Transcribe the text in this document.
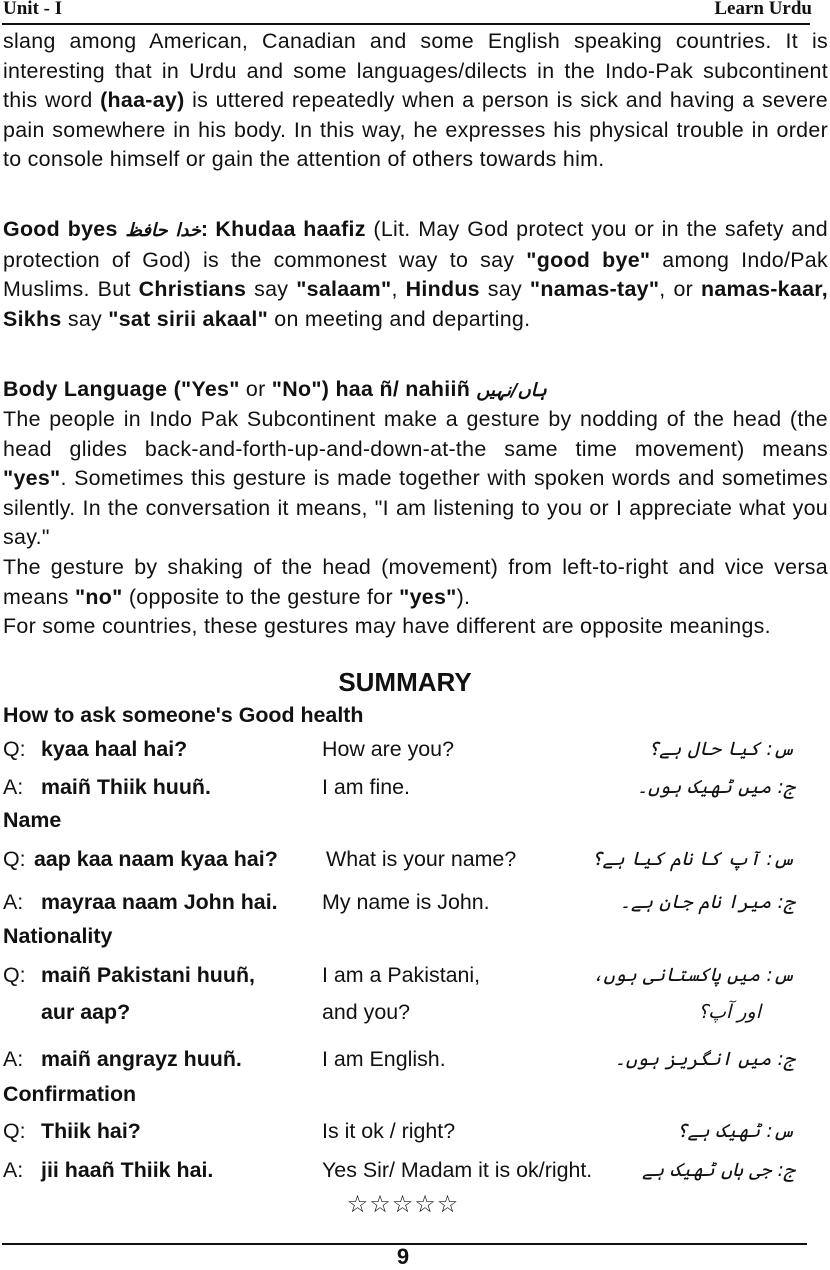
Unit - I	Learn Urdu

slang among American, Canadian and some English speaking countries. It is interesting that in Urdu and some languages/dilects in the Indo-Pak subcontinent this word (haa-ay) is uttered repeatedly when a person is sick and having a severe pain somewhere in his body. In this way, he expresses his physical trouble in order to console himself or gain the attention of others towards him.

Good byes خدا حافظ: Khudaa haafiz (Lit. May God protect you or in the safety and protection of God) is the commonest way to say "good bye" among Indo/Pak Muslims. But Christians say "salaam", Hindus say "namas-tay", or namas-kaar, Sikhs say "sat sirii akaal" on meeting and departing.

Body Language ("Yes" or "No") haa ñ/ nahiiñ ہاں/نہیں

The people in Indo Pak Subcontinent make a gesture by nodding of the head (the head glides back-and-forth-up-and-down-at-the same time movement) means "yes". Sometimes this gesture is made together with spoken words and sometimes silently. In the conversation it means, "I am listening to you or I appreciate what you say."

The gesture by shaking of the head (movement) from left-to-right and vice versa means "no" (opposite to the gesture for "yes").

For some countries, these gestures may have different are opposite meanings.

SUMMARY
How to ask someone's Good health
Q: kyaa haal hai?	How are you?	س: کیا حال ہے؟
A: maiñ Thiik huuñ.	I am fine.	ج: میں ٹھیک ہوں۔
Name
Q: aap kaa naam kyaa hai? What is your name?	س: آپ کا نام کیا ہے؟
A: mayraa naam John hai. My name is John.	ج: میرا نام جان ہے۔
Nationality
Q: maiñ Pakistani huuñ,	I am a Pakistani,	س: میں پاکستانی ہوں،
aur aap?	and you?	اور آپ؟
A: maiñ angrayz huuñ.	I am English.	ج: میں انگریز ہوں۔
Confirmation
Q: Thiik hai?	Is it ok / right?	س: ٹھیک ہے؟
A: jii haañ Thiik hai.	Yes Sir/ Madam it is ok/right.	ج: جی ہاں ٹھیک ہے
☆☆☆☆☆
9
